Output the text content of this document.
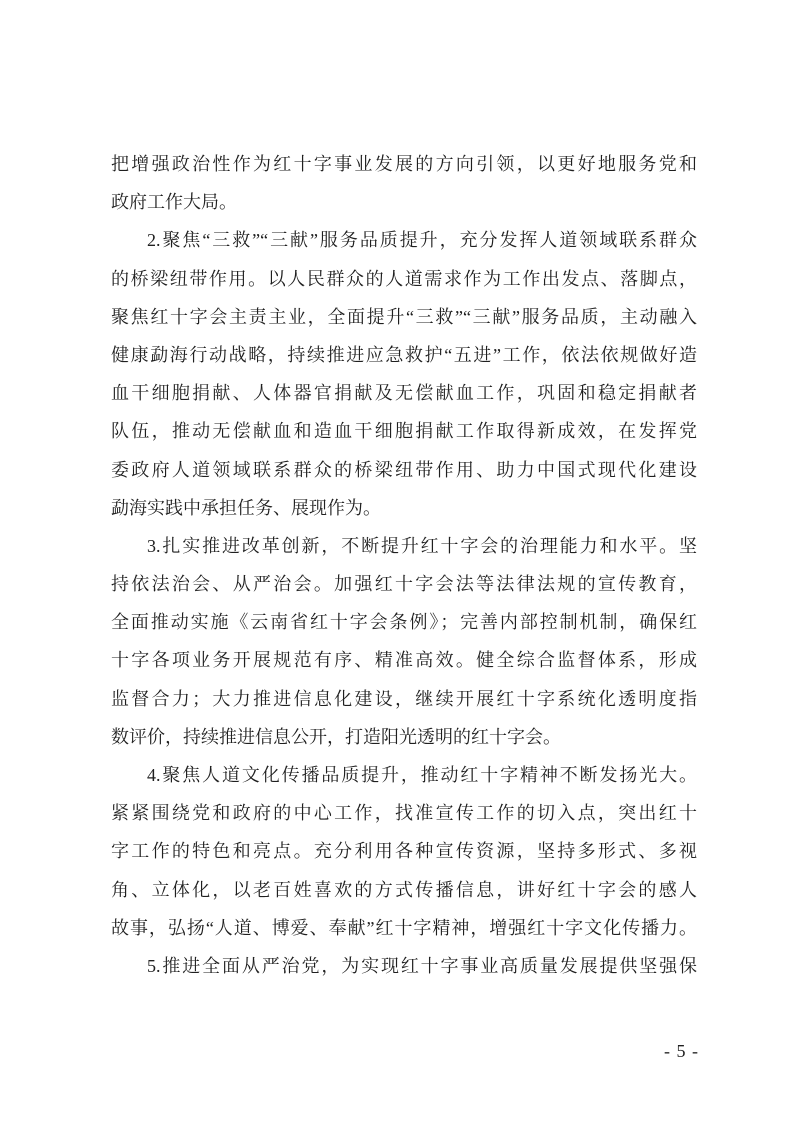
把增强政治性作为红十字事业发展的方向引领，以更好地服务党和
政府工作大局。
2.聚焦“三救”“三献”服务品质提升，充分发挥人道领域联系群众
的桥梁纽带作用。以人民群众的人道需求作为工作出发点、落脚点，
聚焦红十字会主责主业，全面提升“三救”“三献”服务品质，主动融入
健康勐海行动战略，持续推进应急救护“五进”工作，依法依规做好造
血干细胞捐献、人体器官捐献及无偿献血工作，巩固和稳定捐献者
队伍，推动无偿献血和造血干细胞捐献工作取得新成效，在发挥党
委政府人道领域联系群众的桥梁纽带作用、助力中国式现代化建设
勐海实践中承担任务、展现作为。
3.扎实推进改革创新，不断提升红十字会的治理能力和水平。坚
持依法治会、从严治会。加强红十字会法等法律法规的宣传教育，
全面推动实施《云南省红十字会条例》；完善内部控制机制，确保红
十字各项业务开展规范有序、精准高效。健全综合监督体系，形成
监督合力；大力推进信息化建设，继续开展红十字系统化透明度指
数评价，持续推进信息公开，打造阳光透明的红十字会。
4.聚焦人道文化传播品质提升，推动红十字精神不断发扬光大。
紧紧围绕党和政府的中心工作，找准宣传工作的切入点，突出红十
字工作的特色和亮点。充分利用各种宣传资源，坚持多形式、多视
角、立体化，以老百姓喜欢的方式传播信息，讲好红十字会的感人
故事，弘扬“人道、博爱、奉献”红十字精神，增强红十字文化传播力。
5.推进全面从严治党，为实现红十字事业高质量发展提供坚强保
- 5 -
